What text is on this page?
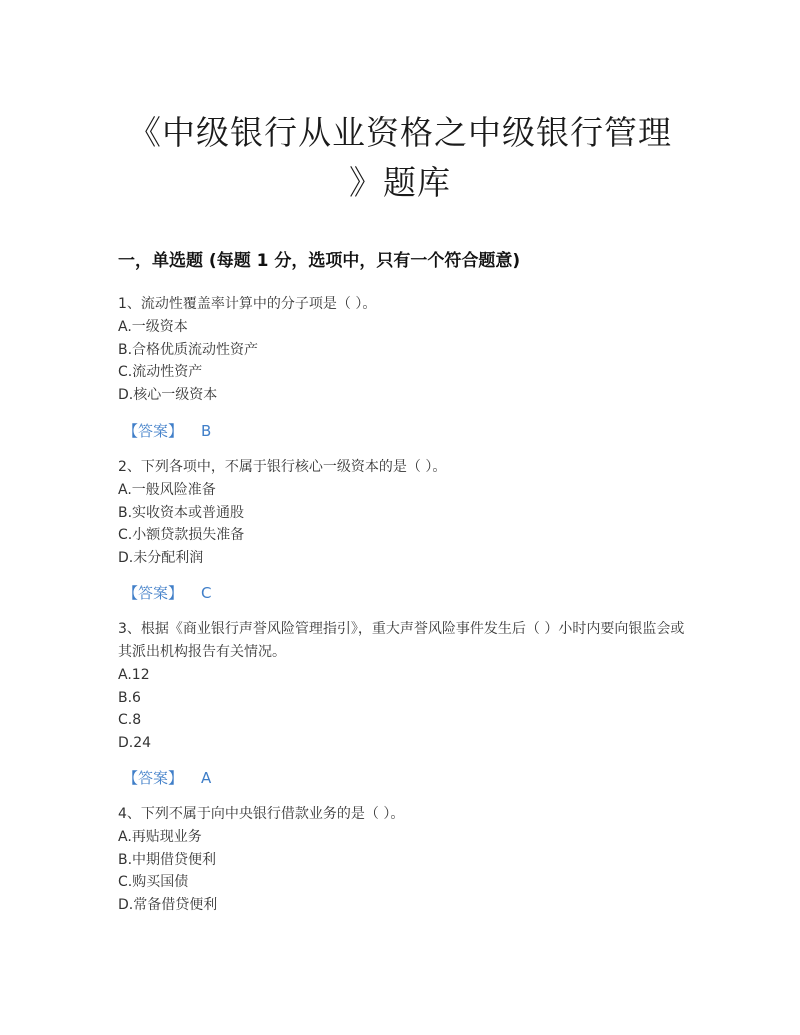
《中级银行从业资格之中级银行管理
》题库
一，单选题 (每题 1 分，选项中，只有一个符合题意)
1、流动性覆盖率计算中的分子项是（ ）。
A.一级资本
B.合格优质流动性资产
C.流动性资产
D.核心一级资本
【答案】 B
2、下列各项中，不属于银行核心一级资本的是（ ）。
A.一般风险准备
B.实收资本或普通股
C.小额贷款损失准备
D.未分配利润
【答案】 C
3、根据《商业银行声誉风险管理指引》，重大声誉风险事件发生后（ ）小时内要向银监会或其派出机构报告有关情况。
A.12
B.6
C.8
D.24
【答案】 A
4、下列不属于向中央银行借款业务的是（ ）。
A.再贴现业务
B.中期借贷便利
C.购买国债
D.常备借贷便利
